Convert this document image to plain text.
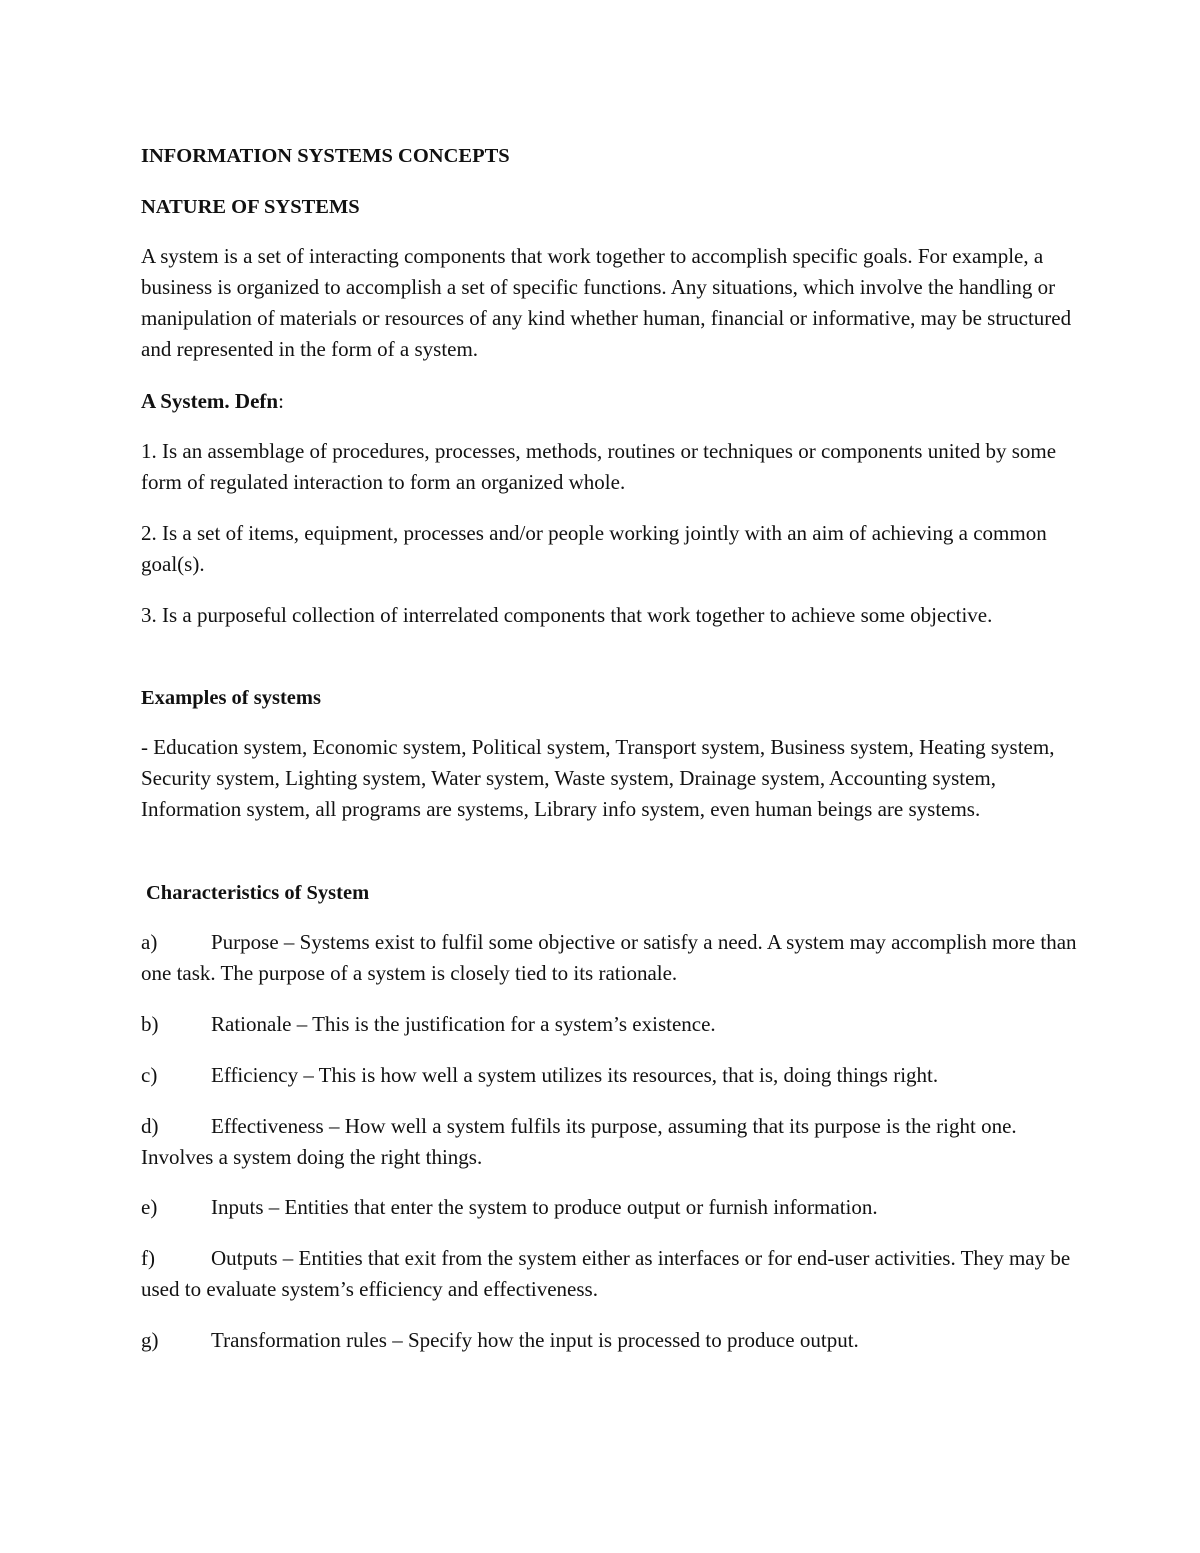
INFORMATION SYSTEMS CONCEPTS

NATURE OF SYSTEMS

A system is a set of interacting components that work together to accomplish specific goals. For example, a business is organized to accomplish a set of specific functions. Any situations, which involve the handling or manipulation of materials or resources of any kind whether human, financial or informative, may be structured and represented in the form of a system.

A System. Defn:

1. Is an assemblage of procedures, processes, methods, routines or techniques or components united by some form of regulated interaction to form an organized whole.

2. Is a set of items, equipment, processes and/or people working jointly with an aim of achieving a common goal(s).

3. Is a purposeful collection of interrelated components that work together to achieve some objective.

Examples of systems

- Education system, Economic system, Political system, Transport system, Business system, Heating system, Security system, Lighting system, Water system, Waste system, Drainage system, Accounting system, Information system, all programs are systems, Library info system, even human beings are systems.

Characteristics of System

a)	Purpose – Systems exist to fulfil some objective or satisfy a need. A system may accomplish more than one task. The purpose of a system is closely tied to its rationale.

b)	Rationale – This is the justification for a system’s existence.

c)	Efficiency – This is how well a system utilizes its resources, that is, doing things right.

d)	Effectiveness – How well a system fulfils its purpose, assuming that its purpose is the right one. Involves a system doing the right things.

e)	Inputs – Entities that enter the system to produce output or furnish information.

f)	Outputs – Entities that exit from the system either as interfaces or for end-user activities. They may be used to evaluate system’s efficiency and effectiveness.

g)	Transformation rules – Specify how the input is processed to produce output.
